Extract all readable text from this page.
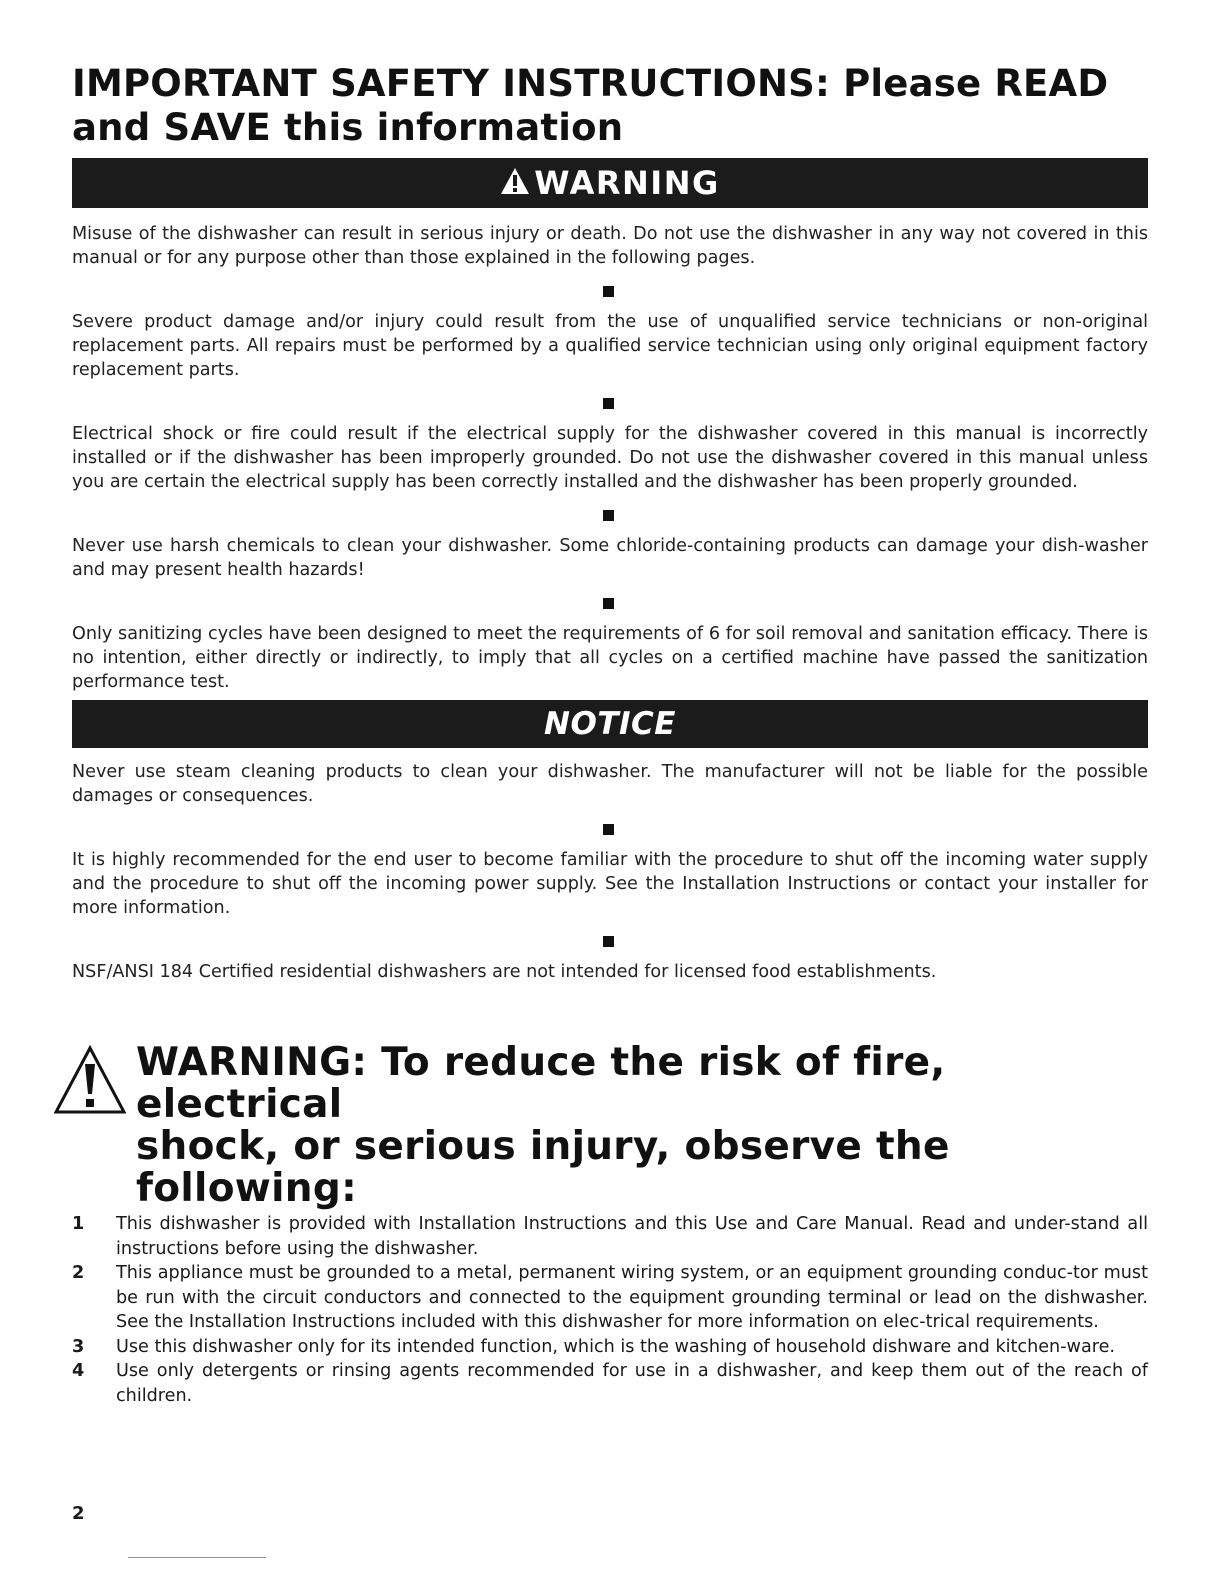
IMPORTANT SAFETY INSTRUCTIONS: Please READ
and SAVE this information
WARNING

Misuse of the dishwasher can result in serious injury or death. Do not use the dishwasher in any way not covered in this manual or for any purpose other than those explained in the following pages.

Severe product damage and/or injury could result from the use of unqualified service technicians or non-original replacement parts. All repairs must be performed by a qualified service technician using only original equipment factory replacement parts.

Electrical shock or fire could result if the electrical supply for the dishwasher covered in this manual is incorrectly installed or if the dishwasher has been improperly grounded. Do not use the dishwasher covered in this manual unless you are certain the electrical supply has been correctly installed and the dishwasher has been properly grounded.

Never use harsh chemicals to clean your dishwasher. Some chloride-containing products can damage your dish-washer and may present health hazards!

Only sanitizing cycles have been designed to meet the requirements of 6 for soil removal and sanitation efficacy. There is no intention, either directly or indirectly, to imply that all cycles on a certified machine have passed the sanitization performance test.

NOTICE

Never use steam cleaning products to clean your dishwasher. The manufacturer will not be liable for the possible damages or consequences.

It is highly recommended for the end user to become familiar with the procedure to shut off the incoming water supply and the procedure to shut off the incoming power supply. See the Installation Instructions or contact your installer for more information.

NSF/ANSI 184 Certified residential dishwashers are not intended for licensed food establishments.

WARNING: To reduce the risk of fire, electrical
shock, or serious injury, observe the following:
1 This dishwasher is provided with Installation Instructions and this Use and Care Manual. Read and under-stand all instructions before using the dishwasher.
2 This appliance must be grounded to a metal, permanent wiring system, or an equipment grounding conduc-tor must be run with the circuit conductors and connected to the equipment grounding terminal or lead on the dishwasher. See the Installation Instructions included with this dishwasher for more information on elec-trical requirements.
3 Use this dishwasher only for its intended function, which is the washing of household dishware and kitchen-ware.
4 Use only detergents or rinsing agents recommended for use in a dishwasher, and keep them out of the reach of children.
2
